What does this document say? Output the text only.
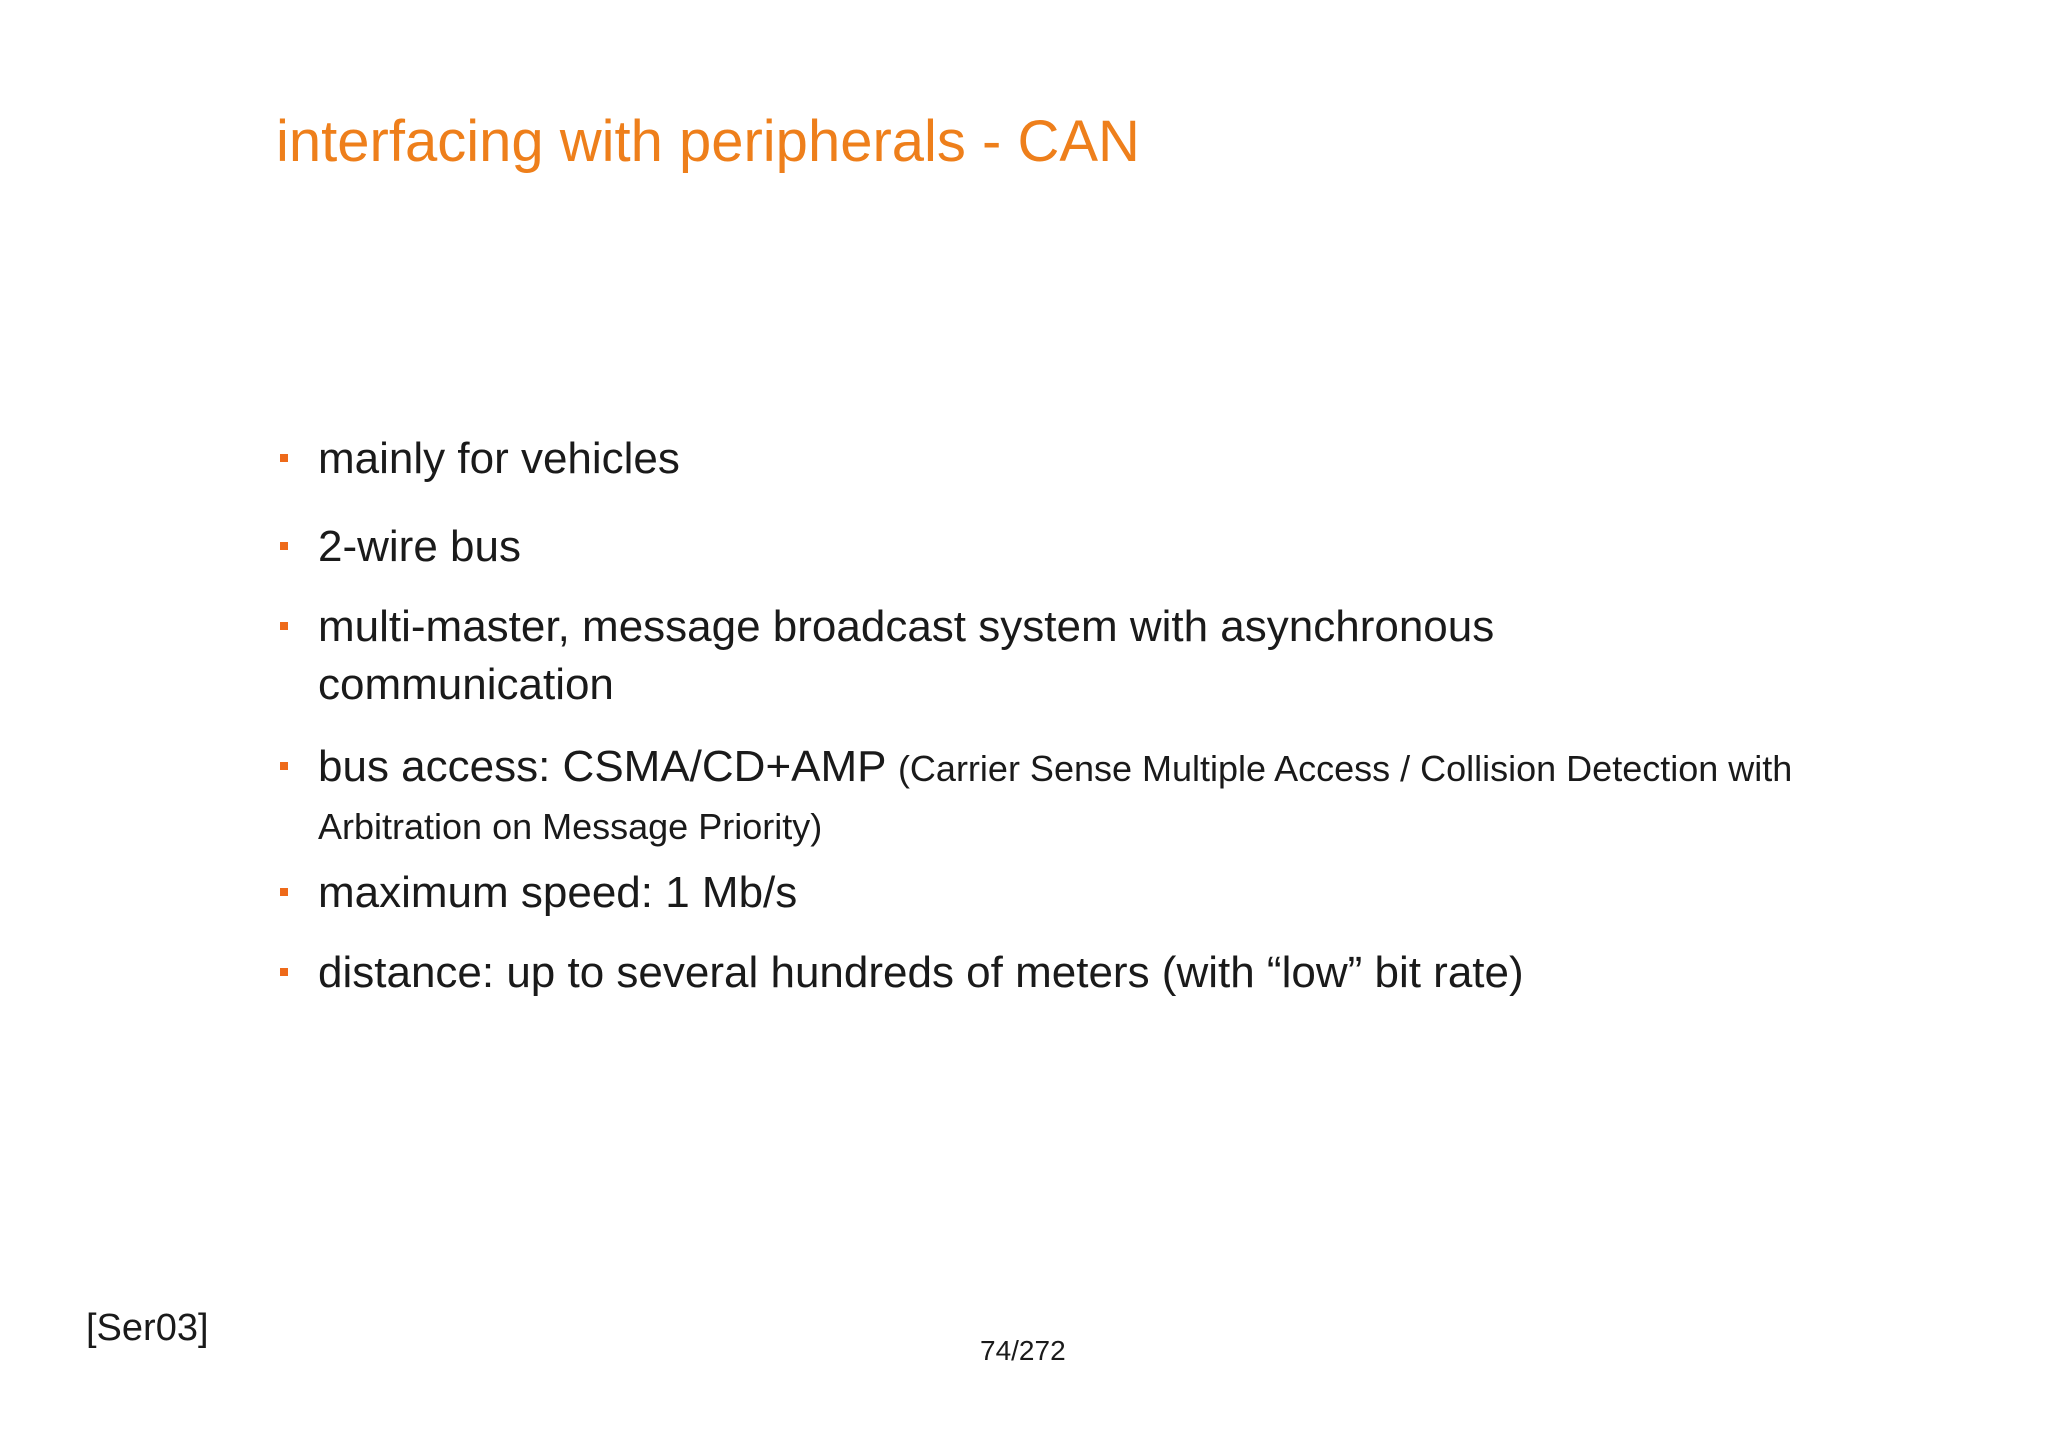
interfacing with peripherals - CAN
mainly for vehicles
2-wire bus
multi-master, message broadcast system with asynchronous communication
bus access: CSMA/CD+AMP (Carrier Sense Multiple Access / Collision Detection with Arbitration on Message Priority)
maximum speed: 1 Mb/s
distance: up to several hundreds of meters (with “low” bit rate)
[Ser03]
74/272
